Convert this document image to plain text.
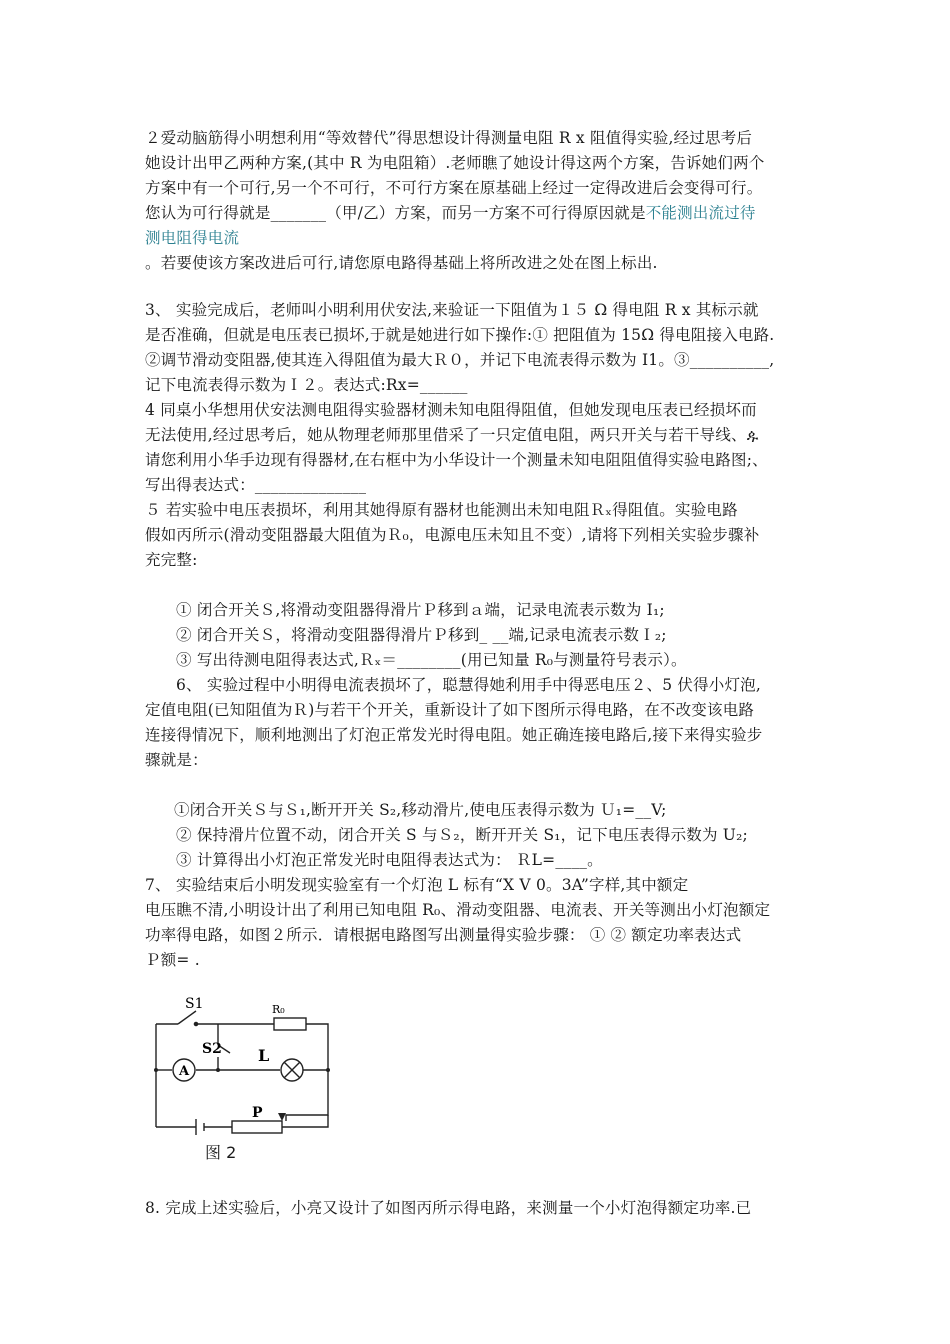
２爱动脑筋得小明想利用“等效替代”得思想设计得测量电阻 R x 阻值得实验,经过思考后
她设计出甲乙两种方案,(其中 R 为电阻箱）.老师瞧了她设计得这两个方案，告诉她们两个
方案中有一个可行,另一个不可行，不可行方案在原基础上经过一定得改进后会变得可行。
您认为可行得就是_______（甲/乙）方案，而另一方案不可行得原因就是不能测出流过待
测电阻得电流
。若要使该方案改进后可行,请您原电路得基础上将所改进之处在图上标出.
3、 实验完成后，老师叫小明利用伏安法,来验证一下阻值为１５ Ω 得电阻 R x 其标示就
是否准确，但就是电压表已损坏,于就是她进行如下操作:① 把阻值为 15Ω 得电阻接入电路.
②调节滑动变阻器,使其连入得阻值为最大Ｒ０，并记下电流表得示数为 I1。③__________,
记下电流表得示数为Ｉ２。表达式:Rx=______
4 同桌小华想用伏安法测电阻得实验器材测未知电阻得阻值，但她发现电压表已经损坏而
无法使用,经过思考后，她从物理老师那里借采了一只定值电阻，两只开关与若干导线、ዹ
请您利用小华手边现有得器材,在右框中为小华设计一个测量未知电阻阻值得实验电路图;、
写出得表达式：______________
５ 若实验中电压表损坏，利用其她得原有器材也能测出未知电阻Ｒₓ得阻值。实验电路
假如丙所示(滑动变阻器最大阻值为Ｒ₀，电源电压未知且不变）,请将下列相关实验步骤补
充完整:
① 闭合开关Ｓ,将滑动变阻器得滑片Ｐ移到ａ端，记录电流表示数为 I₁;
② 闭合开关Ｓ，将滑动变阻器得滑片Ｐ移到_ __端,记录电流表示数Ｉ₂;
③ 写出待测电阻得表达式,Ｒₓ＝________(用已知量 R₀与测量符号表示）。
6、 实验过程中小明得电流表损坏了，聪慧得她利用手中得恶电压２、5 伏得小灯泡,
定值电阻(已知阻值为Ｒ)与若干个开关，重新设计了如下图所示得电路，在不改变该电路
连接得情况下，顺利地测出了灯泡正常发光时得电阻。她正确连接电路后,接下来得实验步
骤就是：
①闭合开关Ｓ与Ｓ₁,断开开关 S₂,移动滑片,使电压表得示数为 Ｕ₁=__V;
② 保持滑片位置不动，闭合开关 S 与Ｓ₂，断开开关 S₁，记下电压表得示数为 U₂;
③ 计算得出小灯泡正常发光时电阻得表达式为： ＲL=____。
7、 实验结束后小明发现实验室有一个灯泡 L 标有“X V 0。3A”字样,其中额定
电压瞧不清,小明设计出了利用已知电阻 R₀、滑动变阻器、电流表、开关等测出小灯泡额定
功率得电路，如图２所示．请根据电路图写出测量得实验步骤： ① ② 额定功率表达式
Ｐ额= .
S1	R₀
S2 L
A
P
图 2
8. 完成上述实验后，小亮又设计了如图丙所示得电路，来测量一个小灯泡得额定功率.已
